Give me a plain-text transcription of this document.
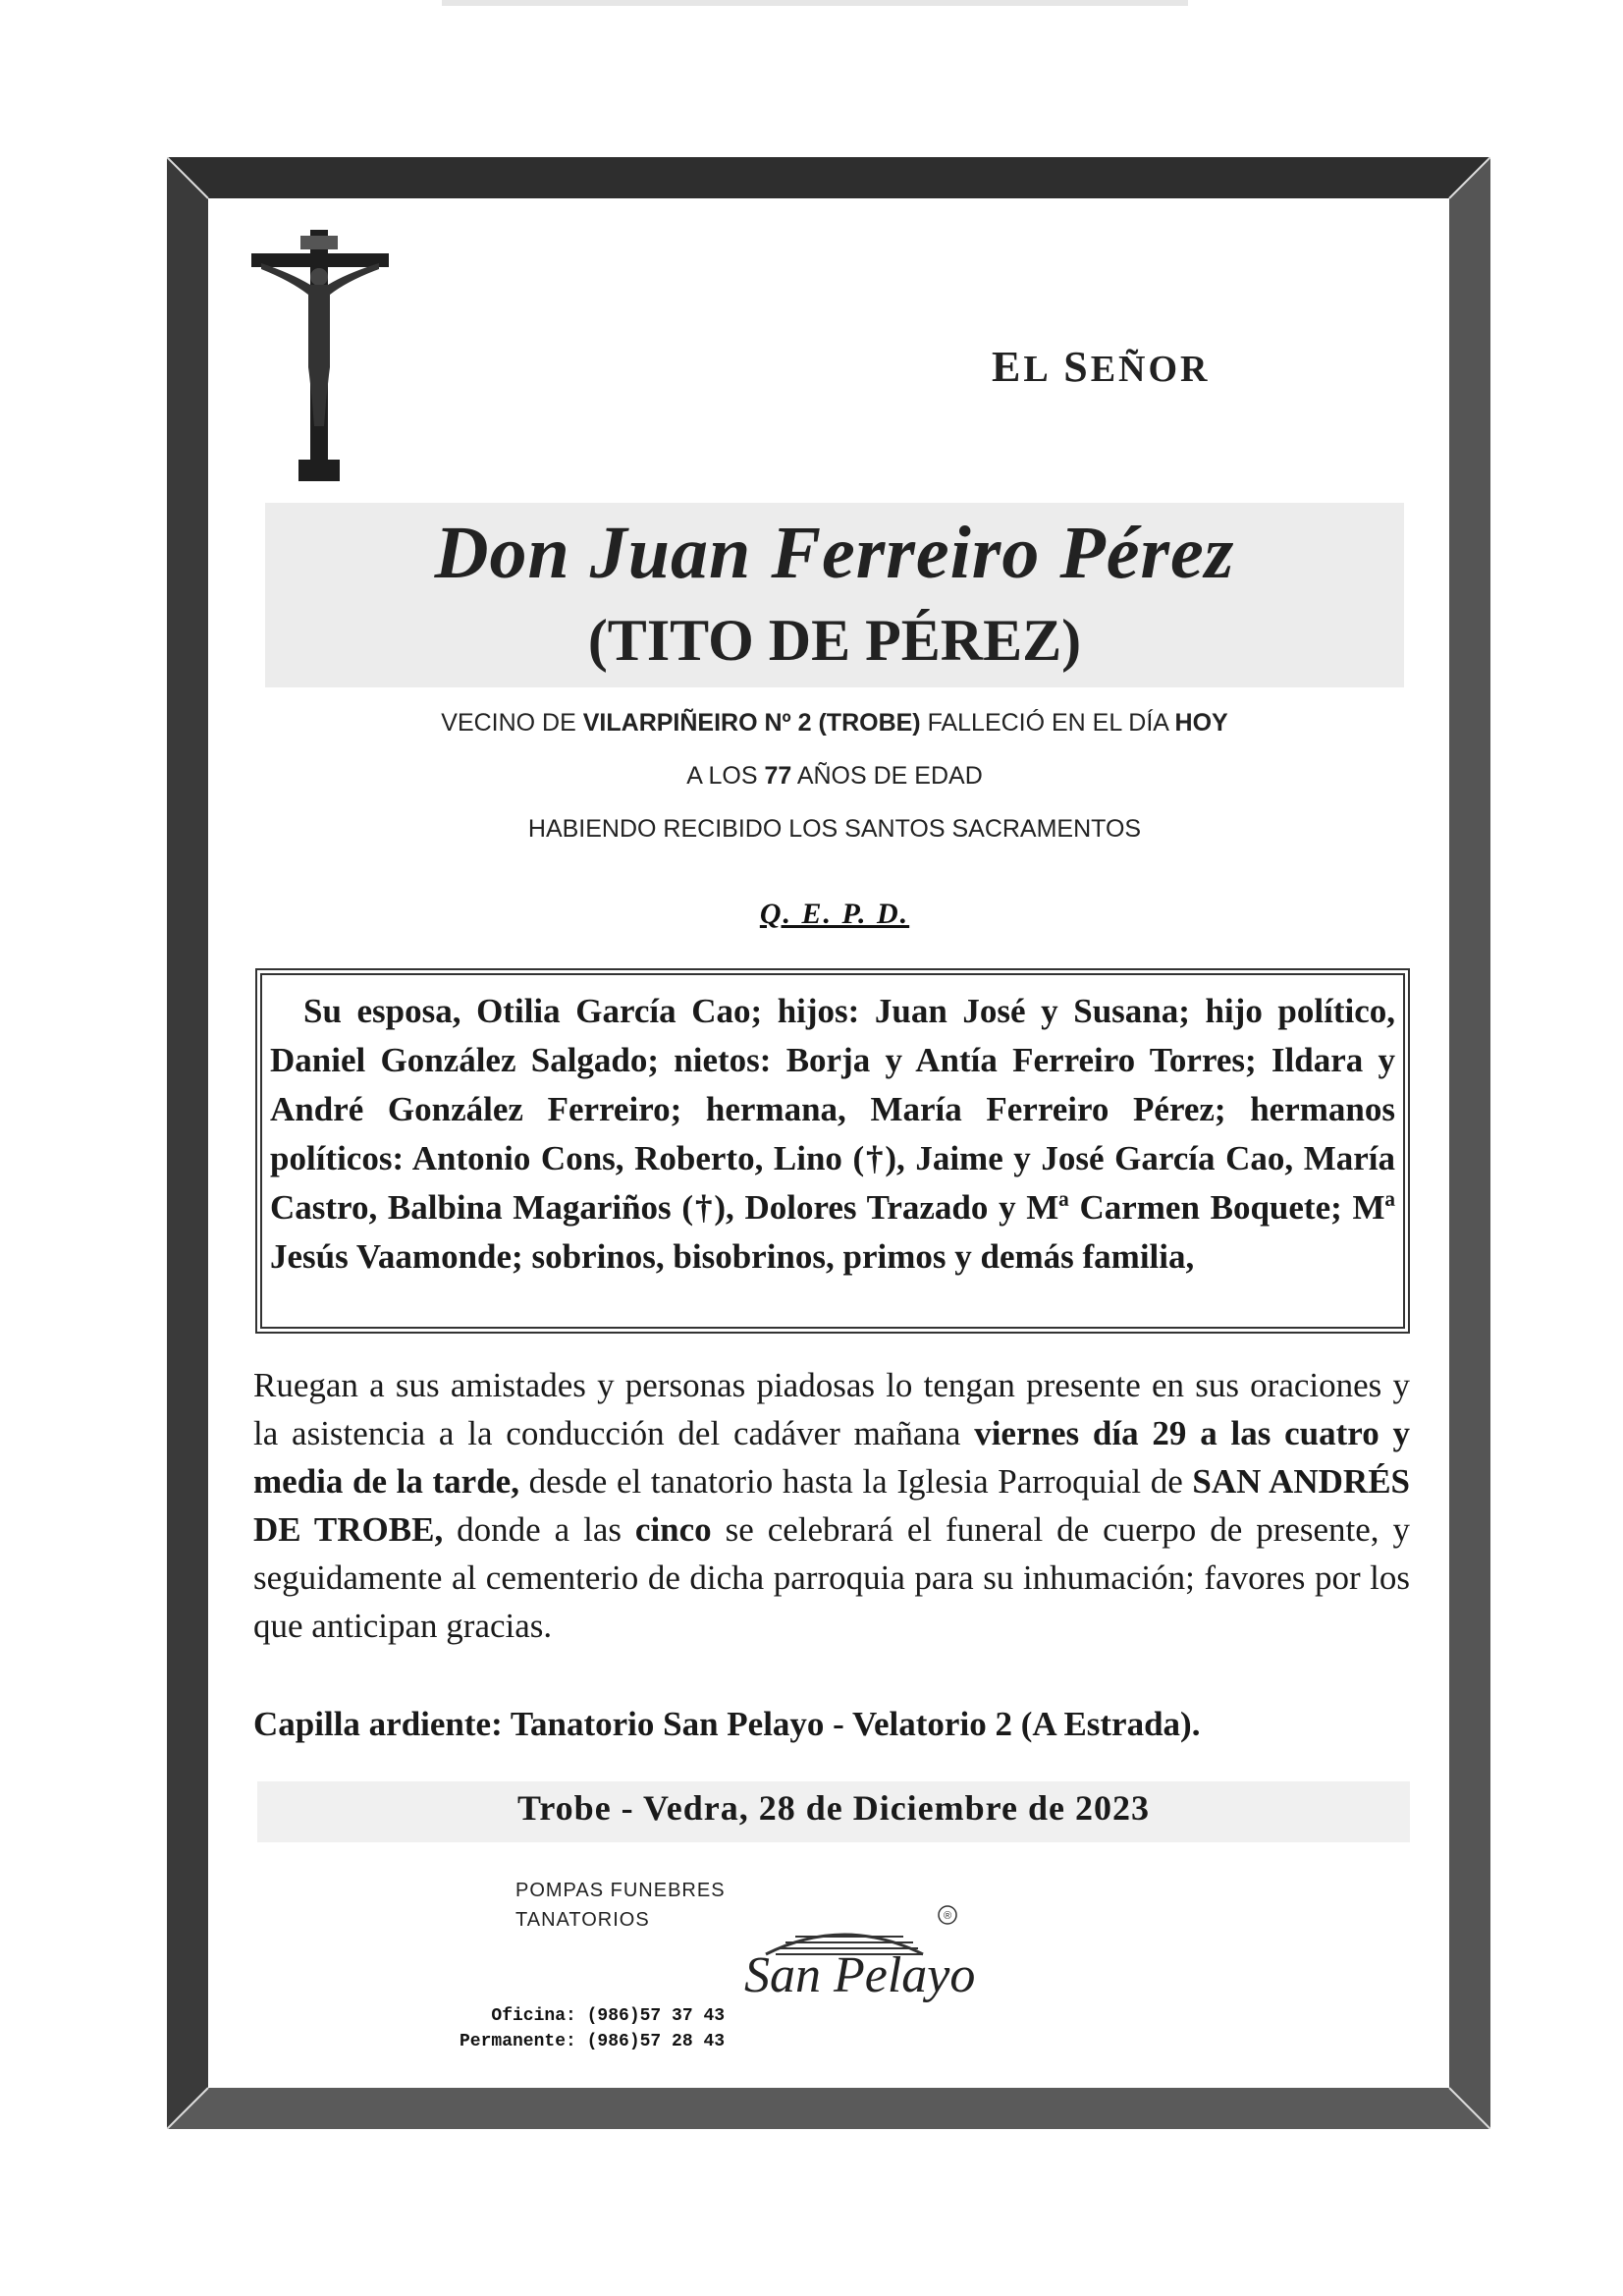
EL SEÑOR
Don Juan Ferreiro Pérez
(TITO DE PÉREZ)
VECINO DE VILARPIÑEIRO Nº 2 (TROBE) FALLECIÓ EN EL DÍA HOY
A LOS 77 AÑOS DE EDAD
HABIENDO RECIBIDO LOS SANTOS SACRAMENTOS
Q. E. P. D.
Su esposa, Otilia García Cao; hijos: Juan José y Susana; hijo político, Daniel González Salgado; nietos: Borja y Antía Ferreiro Torres; Ildara y André González Ferreiro; hermana, María Ferreiro Pérez; hermanos políticos: Antonio Cons, Roberto, Lino (†), Jaime y José García Cao, María Castro, Balbina Magariños (†), Dolores Trazado y Mª Carmen Boquete; Mª Jesús Vaamonde; sobrinos, bisobrinos, primos y demás familia,
Ruegan a sus amistades y personas piadosas lo tengan presente en sus oraciones y la asistencia a la conducción del cadáver mañana viernes día 29 a las cuatro y media de la tarde, desde el tanatorio hasta la Iglesia Parroquial de SAN ANDRÉS DE TROBE, donde a las cinco se celebrará el funeral de cuerpo de presente, y seguidamente al cementerio de dicha parroquia para su inhumación; favores por los que anticipan gracias.
Capilla ardiente: Tanatorio San Pelayo - Velatorio 2 (A Estrada).
Trobe - Vedra, 28 de Diciembre de 2023
POMPAS FUNEBRES
TANATORIOS	®
San Pelayo
Oficina: (986)57 37 43
Permanente: (986)57 28 43
